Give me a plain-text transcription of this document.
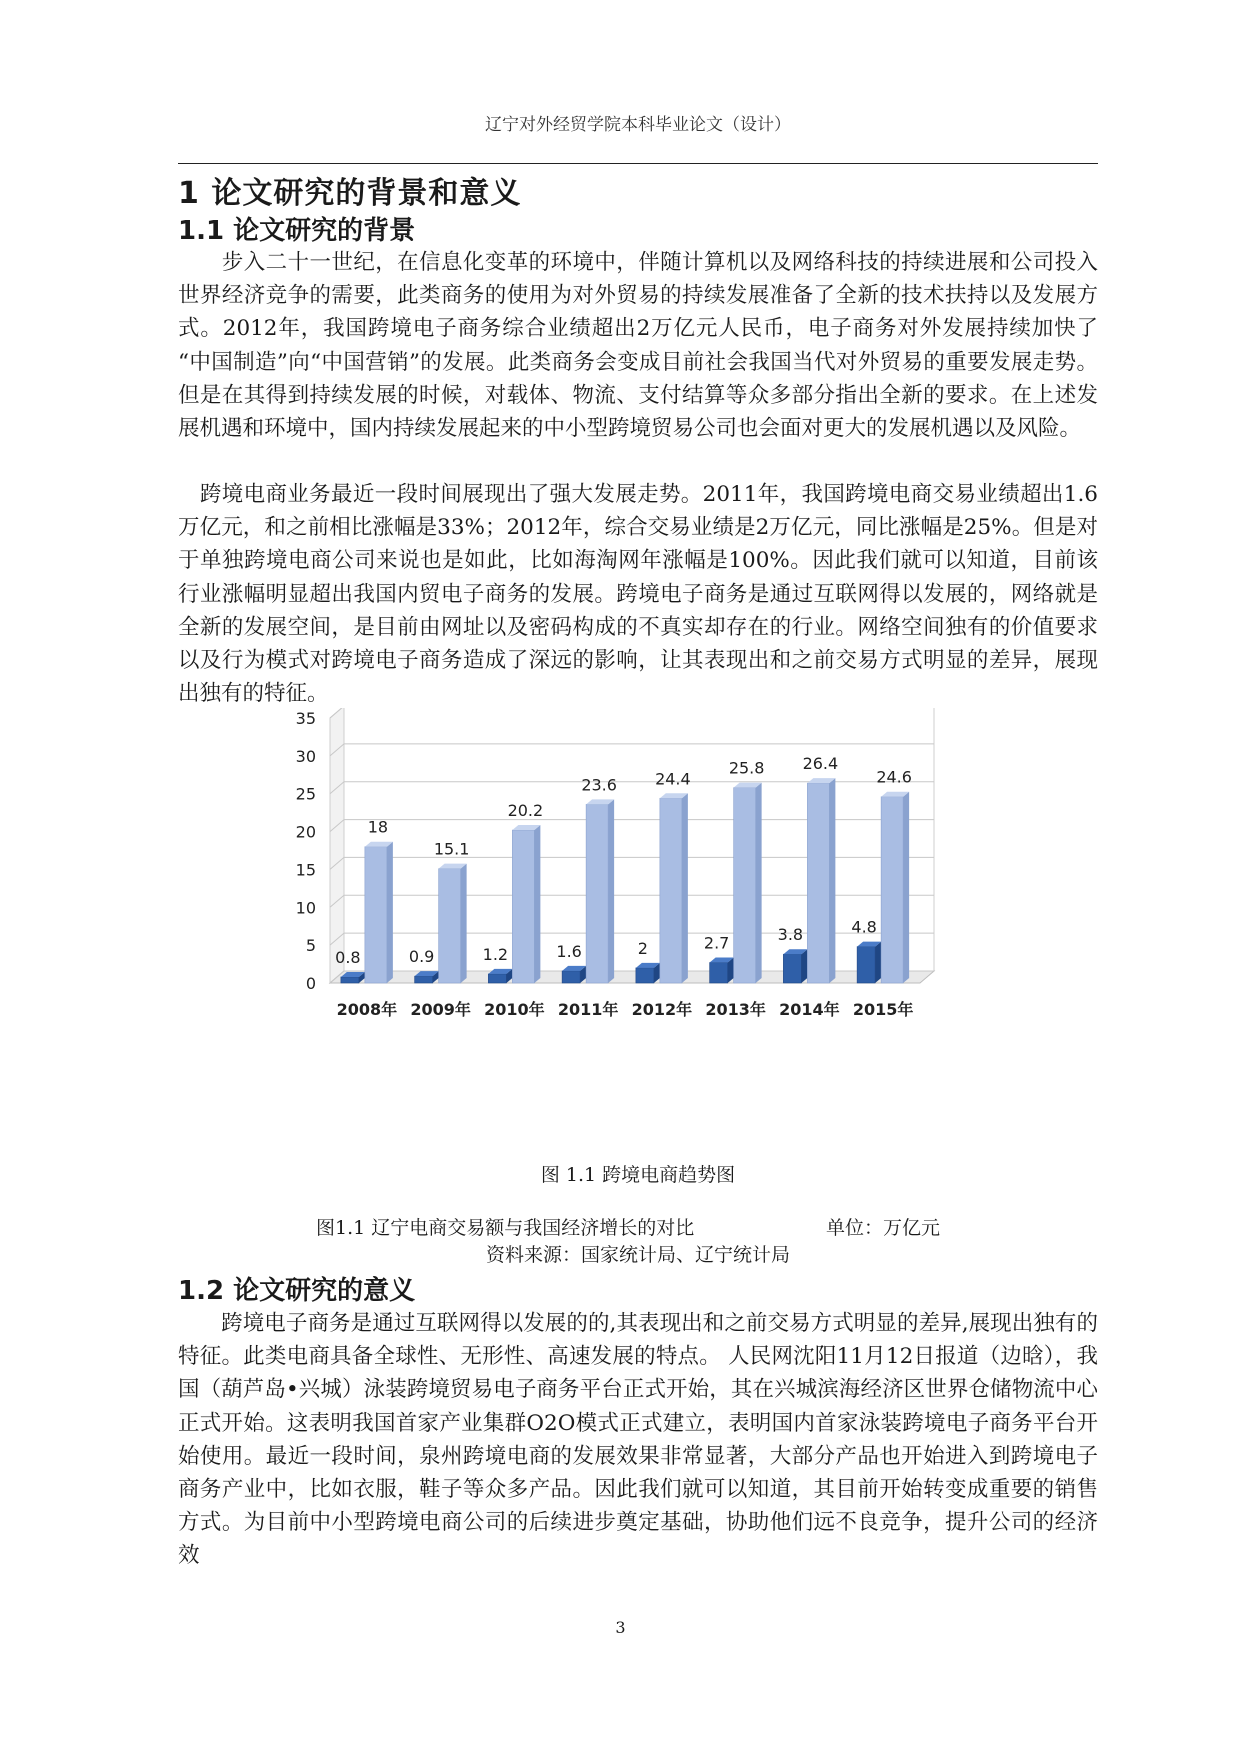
辽宁对外经贸学院本科毕业论文（设计）
1 论文研究的背景和意义
1.1 论文研究的背景

　　步入二十一世纪，在信息化变革的环境中，伴随计算机以及网络科技的持续进展和公司投入世界经济竞争的需要，此类商务的使用为对外贸易的持续发展准备了全新的技术扶持以及发展方式。2012年，我国跨境电子商务综合业绩超出2万亿元人民币，电子商务对外发展持续加快了 “中国制造”向“中国营销”的发展。此类商务会变成目前社会我国当代对外贸易的重要发展走势。但是在其得到持续发展的时候，对载体、物流、支付结算等众多部分指出全新的要求。在上述发展机遇和环境中，国内持续发展起来的中小型跨境贸易公司也会面对更大的发展机遇以及风险。

　跨境电商业务最近一段时间展现出了强大发展走势。2011年，我国跨境电商交易业绩超出1.6万亿元，和之前相比涨幅是33%；2012年，综合交易业绩是2万亿元，同比涨幅是25%。但是对于单独跨境电商公司来说也是如此，比如海淘网年涨幅是100%。因此我们就可以知道，目前该行业涨幅明显超出我国内贸电子商务的发展。跨境电子商务是通过互联网得以发展的，网络就是全新的发展空间，是目前由网址以及密码构成的不真实却存在的行业。网络空间独有的价值要求以及行为模式对跨境电子商务造成了深远的影响，让其表现出和之前交易方式明显的差异，展现出独有的特征。

0
5
10
15
20
25
30
35
2008年
0.8
18
2009年
0.9
15.1
2010年
1.2
20.2
2011年
1.6
23.6
2012年
2
24.4
2013年
2.7
25.8
2014年
3.8
26.4
2015年
4.8
24.6
图 1.1 跨境电商趋势图
图1.1 辽宁电商交易额与我国经济增长的对比	单位：万亿元
资料来源：国家统计局、辽宁统计局
1.2 论文研究的意义

　　跨境电子商务是通过互联网得以发展的的,其表现出和之前交易方式明显的差异,展现出独有的特征。此类电商具备全球性、无形性、高速发展的特点。 人民网沈阳11月12日报道（边晗），我国（葫芦岛•兴城）泳装跨境贸易电子商务平台正式开始，其在兴城滨海经济区世界仓储物流中心正式开始。这表明我国首家产业集群O2O模式正式建立，表明国内首家泳装跨境电子商务平台开始使用。最近一段时间，泉州跨境电商的发展效果非常显著，大部分产品也开始进入到跨境电子商务产业中，比如衣服，鞋子等众多产品。因此我们就可以知道，其目前开始转变成重要的销售方式。为目前中小型跨境电商公司的后续进步奠定基础，协助他们远不良竞争，提升公司的经济效

3
